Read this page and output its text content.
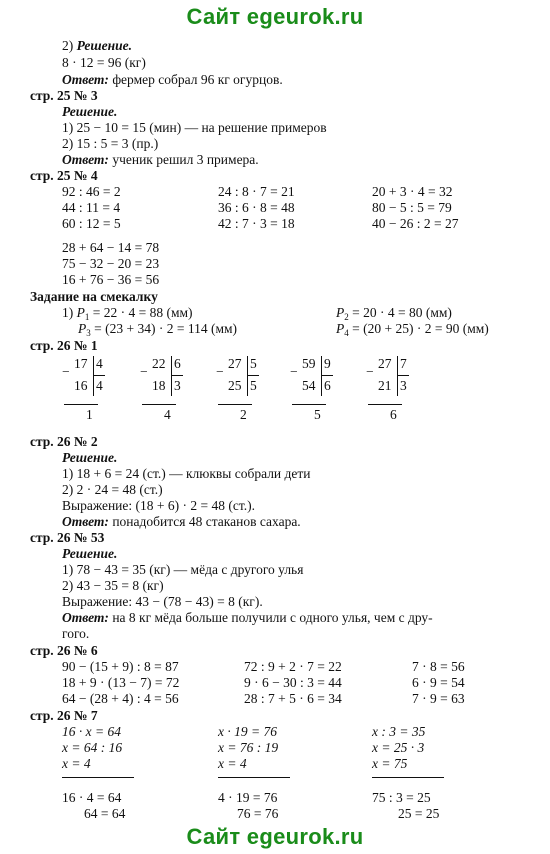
Сайт egeurok.ru
2) Решение.
8 · 12 = 96 (кг)
Ответ: фермер собрал 96 кг огурцов.
стр. 25 № 3
Решение.
1) 25 − 10 = 15 (мин) — на решение примеров
2) 15 : 5 = 3 (пр.)
Ответ: ученик решил 3 примера.
стр. 25 № 4
92 : 46 = 2
44 : 11 = 4
60 : 12 = 5
24 : 8 · 7 = 21
36 : 6 · 8 = 48
42 : 7 · 3 = 18
20 + 3 · 4 = 32
80 − 5 : 5 = 79
40 − 26 : 2 = 27
28 + 64 − 14 = 78
75 − 32 − 20 = 23
16 + 76 − 36 = 56
Задание на смекалку
1) $P_1 = 22 \cdot 4 = 88$ (мм)	$P_2 = 20 \cdot 4 = 80$ (мм)
$P_3 = (23 + 34) \cdot 2 = 114$ (мм)	$P_4 = (20 + 25) \cdot 2 = 90$ (мм)
стр. 26 № 1
−
17
16
4
4
1
−
22
18
6
3
4
−
27
25
5
5
2
−
59
54
9
6
5
−
27
21
7
3
6
стр. 26 № 2
Решение.
1) 18 + 6 = 24 (ст.) — клюквы собрали дети
2) 2 · 24 = 48 (ст.)
Выражение: (18 + 6) · 2 = 48 (ст.).
Ответ: понадобится 48 стаканов сахара.
стр. 26 № 53
Решение.
1) 78 − 43 = 35 (кг) — мёда с другого улья
2) 43 − 35 = 8 (кг)
Выражение: 43 − (78 − 43) = 8 (кг).
Ответ: на 8 кг мёда больше получили с одного улья, чем с дру-
гого.
стр. 26 № 6
90 − (15 + 9) : 8 = 87
18 + 9 · (13 − 7) = 72
64 − (28 + 4) : 4 = 56
72 : 9 + 2 · 7 = 22
9 · 6 − 30 : 3 = 44
28 : 7 + 5 · 6 = 34
7 · 8 = 56
6 · 9 = 54
7 · 9 = 63
стр. 26 № 7
16 · x = 64
x = 64 : 16
x = 4
x · 19 = 76
x = 76 : 19
x = 4
x : 3 = 35
x = 25 · 3
x = 75
16 · 4 = 64
64 = 64
4 · 19 = 76
76 = 76
75 : 3 = 25
25 = 25
Сайт egeurok.ru
